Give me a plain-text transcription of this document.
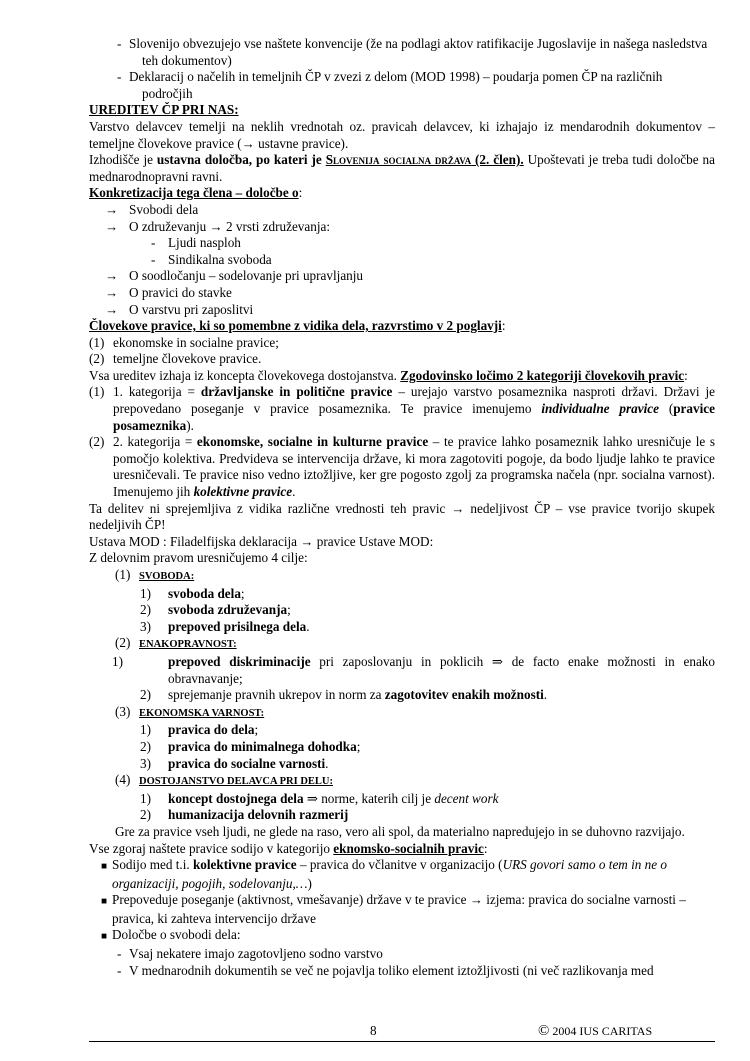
- Slovenijo obvezujejo vse naštete konvencije (že na podlagi aktov ratifikacije Jugoslavije in našega nasledstva teh dokumentov)
- Deklaracij o načelih in temeljnih ČP v zvezi z delom (MOD 1998) – poudarja pomen ČP na različnih področjih

UREDITEV ČP PRI NAS:

Varstvo delavcev temelji na neklih vrednotah oz. pravicah delavcev, ki izhajajo iz mendarodnih dokumentov – temeljne človekove pravice (→ ustavne pravice).

Izhodišče je ustavna določba, po kateri je Slovenija socialna država (2. člen). Upoštevati je treba tudi določbe na mednarodnopravni ravni.

Konkretizacija tega člena – določbe o:

→ Svobodi dela
→ O združevanju → 2 vrsti združevanja:
- Ljudi nasploh
- Sindikalna svoboda
→ O soodločanju – sodelovanje pri upravljanju
→ O pravici do stavke
→ O varstvu pri zaposlitvi

Človekove pravice, ki so pomembne z vidika dela, razvrstimo v 2 poglavji:

(1) ekonomske in socialne pravice;
(2) temeljne človekove pravice.

Vsa ureditev izhaja iz koncepta človekovega dostojanstva. Zgodovinsko ločimo 2 kategoriji človekovih pravic:

(1) 1. kategorija = državljanske in politične pravice – urejajo varstvo posameznika nasproti državi. Državi je prepovedano poseganje v pravice posameznika. Te pravice imenujemo individualne pravice (pravice posameznika).
(2) 2. kategorija = ekonomske, socialne in kulturne pravice – te pravice lahko posameznik lahko uresničuje le s pomočjo kolektiva. Predvideva se intervencija države, ki mora zagotoviti pogoje, da bodo ljudje lahko te pravice uresničevali. Te pravice niso vedno iztožljive, ker gre pogosto zgolj za programska načela (npr. socialna varnost). Imenujemo jih kolektivne pravice.

Ta delitev ni sprejemljiva z vidika različne vrednosti teh pravic → nedeljivost ČP – vse pravice tvorijo skupek nedeljivih ČP!

Ustava MOD : Filadelfijska deklaracija → pravice Ustave MOD:

Z delovnim pravom uresničujemo 4 cilje:

(1) SVOBODA:
1) svoboda dela;
2) svoboda združevanja;
3) prepoved prisilnega dela.
(2) ENAKOPRAVNOST:
1)	prepoved diskriminacije pri zaposlovanju in poklicih ⇒ de facto enake možnosti in enako obravnavanje;
2) sprejemanje pravnih ukrepov in norm za zagotovitev enakih možnosti.
(3) EKONOMSKA VARNOST:
1) pravica do dela;
2) pravica do minimalnega dohodka;
3) pravica do socialne varnosti.
(4) DOSTOJANSTVO DELAVCA PRI DELU:
1) koncept dostojnega dela ⇒ norme, katerih cilj je decent work
2) humanizacija delovnih razmerij

Gre za pravice vseh ljudi, ne glede na raso, vero ali spol, da materialno napredujejo in se duhovno razvijajo.

Vse zgoraj naštete pravice sodijo v kategorijo eknomsko-socialnih pravic:

■ Sodijo med t.i. kolektivne pravice – pravica do včlanitve v organizacijo (URS govori samo o tem in ne o organizaciji, pogojih, sodelovanju,…)
■ Prepoveduje poseganje (aktivnost, vmešavanje) države v te pravice → izjema: pravica do socialne varnosti – pravica, ki zahteva intervencijo države
■ Določbe o svobodi dela:
- Vsaj nekatere imajo zagotovljeno sodno varstvo
- V mednarodnih dokumentih se več ne pojavlja toliko element iztožljivosti (ni več razlikovanja med
8	© 2004 IUS CARITAS
